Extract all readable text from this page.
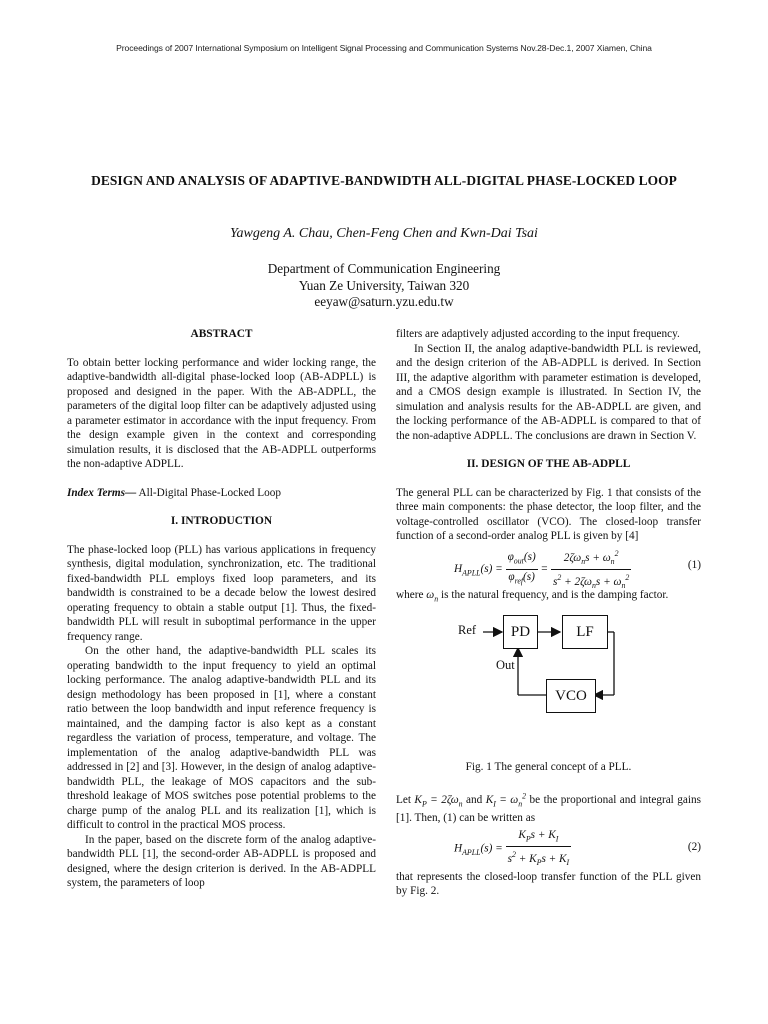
Proceedings of 2007 International Symposium on Intelligent Signal Processing and Communication Systems Nov.28-Dec.1, 2007 Xiamen, China
DESIGN AND ANALYSIS OF ADAPTIVE-BANDWIDTH ALL-DIGITAL PHASE-LOCKED LOOP
Yawgeng A. Chau, Chen-Feng Chen and Kwn-Dai Tsai
Department of Communication Engineering
Yuan Ze University, Taiwan 320
eeyaw@saturn.yzu.edu.tw

ABSTRACT

To obtain better locking performance and wider locking range, the adaptive-bandwidth all-digital phase-locked loop (AB-ADPLL) is proposed and designed in the paper. With the AB-ADPLL, the parameters of the digital loop filter can be adaptively adjusted using a parameter estimator in accordance with the input frequency. From the design example given in the context and corresponding simulation results, it is disclosed that the AB-ADPLL outperforms the non-adaptive ADPLL.

Index Terms— All-Digital Phase-Locked Loop

I. INTRODUCTION

The phase-locked loop (PLL) has various applications in frequency synthesis, digital modulation, synchronization, etc. The traditional fixed-bandwidth PLL employs fixed loop parameters, and its bandwidth is constrained to be a decade below the lowest desired operating frequency to obtain a stable output [1]. Thus, the fixed-bandwidth PLL will result in suboptimal performance in the upper frequency range.

On the other hand, the adaptive-bandwidth PLL scales its operating bandwidth to the input frequency to yield an optimal locking performance. The analog adaptive-bandwidth PLL and its design methodology has been proposed in [1], where a constant ratio between the loop bandwidth and input reference frequency is maintained, and the damping factor is also kept as a constant regardless the variation of process, temperature, and voltage. The implementation of the analog adaptive-bandwidth PLL was addressed in [2] and [3]. However, in the design of analog adaptive-bandwidth PLL, the leakage of MOS capacitors and the sub-threshold leakage of MOS switches pose potential problems to the charge pump of the analog PLL and its realization [1], which is difficult to control in the practical MOS process.

In the paper, based on the discrete form of the analog adaptive-bandwidth PLL [1], the second-order AB-ADPLL is proposed and designed, where the design criterion is derived. In the AB-ADPLL system, the parameters of loop

filters are adaptively adjusted according to the input frequency.

In Section II, the analog adaptive-bandwidth PLL is reviewed, and the design criterion of the AB-ADPLL is derived. In Section III, the adaptive algorithm with parameter estimation is developed, and a CMOS design example is illustrated. In Section IV, the simulation and analysis results for the AB-ADPLL are given, and the locking performance of the AB-ADPLL is compared to that of the non-adaptive ADPLL. The conclusions are drawn in Section V.

II. DESIGN OF THE AB-ADPLL

The general PLL can be characterized by Fig. 1 that consists of the three main components: the phase detector, the loop filter, and the voltage-controlled oscillator (VCO). The closed-loop transfer function of a second-order analog PLL is given by [4]

$H_{APLL}(s) = \frac{\varphi_{out}(s)}{\varphi_{ref}(s)} = \frac{2\zeta\omega_ns + \omega_n^2}{s^2 + 2\zeta\omega_ns + \omega_n^2}$	(1)

where $\omega_n$ is the natural frequency, and is the damping factor.

Ref	PD	LF
Out
VCO

Fig. 1 The general concept of a PLL.

Let $K_P = 2\zeta\omega_n$ and $K_I = \omega_n^2$ be the proportional and integral gains [1]. Then, (1) can be written as

$H_{APLL}(s) = \frac{K_Ps + K_I}{s^2 + K_Ps + K_I}$	(2)

that represents the closed-loop transfer function of the PLL given by Fig. 2.
